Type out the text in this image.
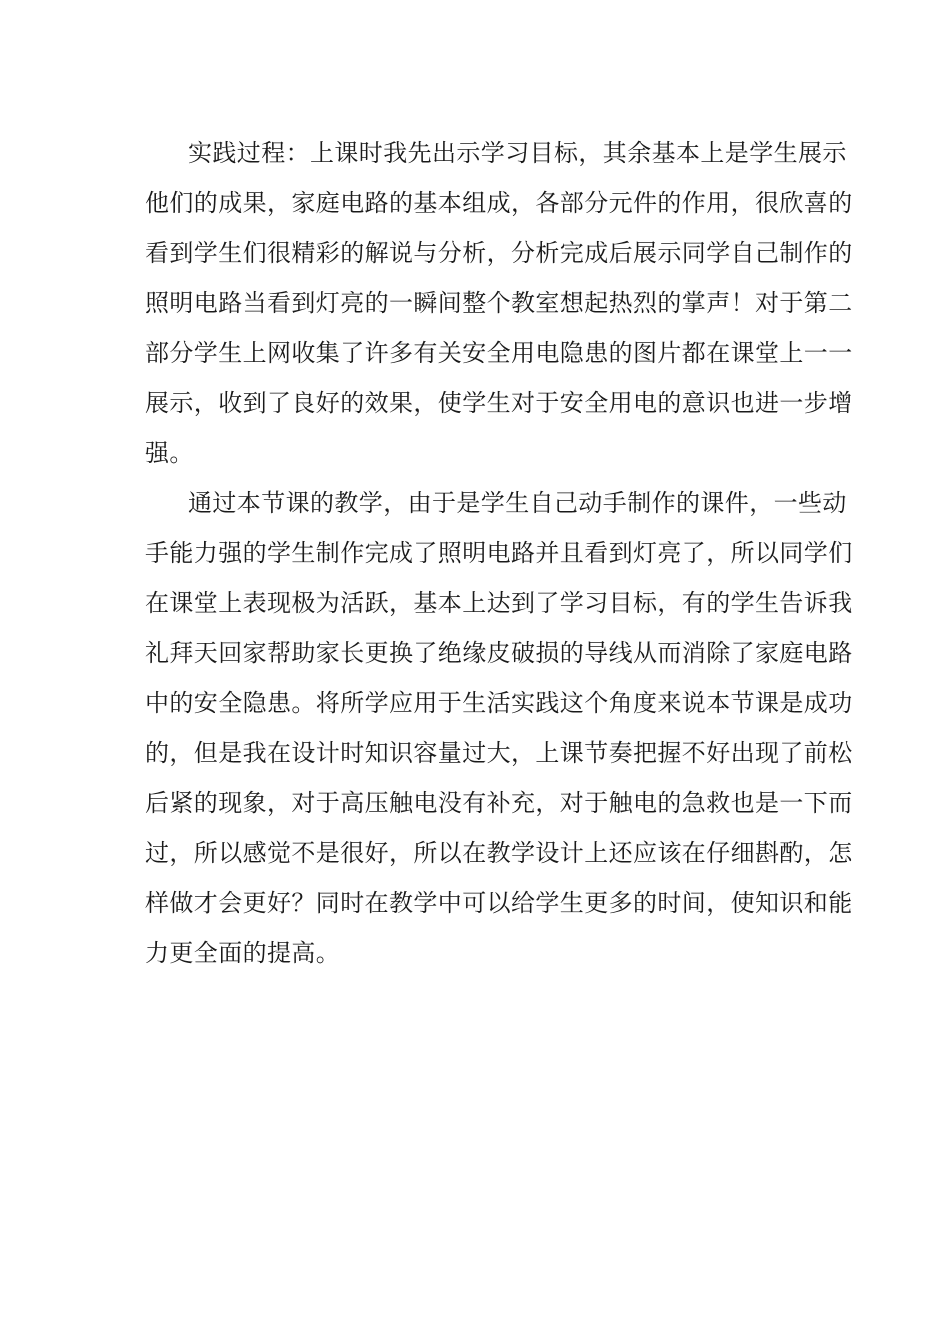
实践过程：上课时我先出示学习目标，其余基本上是学生展示
他们的成果，家庭电路的基本组成，各部分元件的作用，很欣喜的
看到学生们很精彩的解说与分析，分析完成后展示同学自己制作的
照明电路当看到灯亮的一瞬间整个教室想起热烈的掌声！对于第二
部分学生上网收集了许多有关安全用电隐患的图片都在课堂上一一
展示，收到了良好的效果，使学生对于安全用电的意识也进一步增
强。
通过本节课的教学，由于是学生自己动手制作的课件，一些动
手能力强的学生制作完成了照明电路并且看到灯亮了，所以同学们
在课堂上表现极为活跃，基本上达到了学习目标，有的学生告诉我
礼拜天回家帮助家长更换了绝缘皮破损的导线从而消除了家庭电路
中的安全隐患。将所学应用于生活实践这个角度来说本节课是成功
的，但是我在设计时知识容量过大，上课节奏把握不好出现了前松
后紧的现象，对于高压触电没有补充，对于触电的急救也是一下而
过，所以感觉不是很好，所以在教学设计上还应该在仔细斟酌，怎
样做才会更好？同时在教学中可以给学生更多的时间，使知识和能
力更全面的提高。
